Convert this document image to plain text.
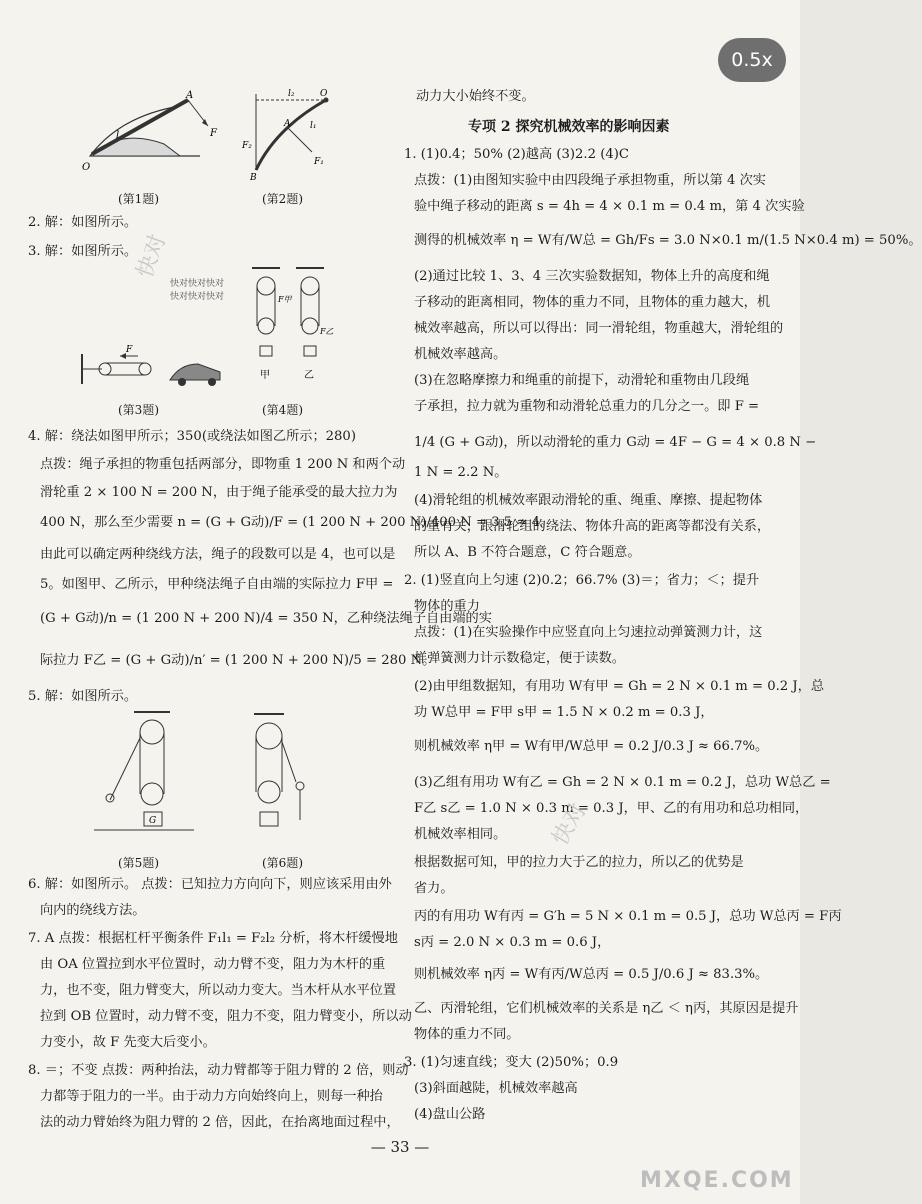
0.5x
A
F
O
l
(第1题)
l₂	O
A l₁
F₂
F₁
B
(第2题)
F
(第3题)
F甲
甲
F乙
乙
(第4题)
G
(第5题)	(第6题)
2. 解：如图所示。
3. 解：如图所示。
4. 解：绕法如图甲所示；350(或绕法如图乙所示；280)
点拨：绳子承担的物重包括两部分，即物重 1 200 N 和两个动
滑轮重 2 × 100 N = 200 N，由于绳子能承受的最大拉力为
400 N，那么至少需要 n = (G + G动)/F = (1 200 N + 200 N)/400 N = 3.5 ≈ 4。
由此可以确定两种绕线方法，绳子的段数可以是 4，也可以是
5。如图甲、乙所示，甲种绕法绳子自由端的实际拉力 F甲 =
(G + G动)/n = (1 200 N + 200 N)/4 = 350 N，乙种绕法绳子自由端的实
际拉力 F乙 = (G + G动)/n′ = (1 200 N + 200 N)/5 = 280 N。
5. 解：如图所示。
6. 解：如图所示。 点拨：已知拉力方向向下，则应该采用由外
向内的绕线方法。
7. A 点拨：根据杠杆平衡条件 F₁l₁ = F₂l₂ 分析，将木杆缓慢地
由 OA 位置拉到水平位置时，动力臂不变，阻力为木杆的重
力，也不变，阻力臂变大，所以动力变大。当木杆从水平位置
拉到 OB 位置时，动力臂不变，阻力不变，阻力臂变小，所以动
力变小，故 F 先变大后变小。
8. ＝；不变 点拨：两种抬法，动力臂都等于阻力臂的 2 倍，则动
力都等于阻力的一半。由于动力方向始终向上，则每一种抬
法的动力臂始终为阻力臂的 2 倍，因此，在抬离地面过程中，
动力大小始终不变。
专项 2 探究机械效率的影响因素
1. (1)0.4；50% (2)越高 (3)2.2 (4)C
点拨：(1)由图知实验中由四段绳子承担物重，所以第 4 次实
验中绳子移动的距离 s = 4h = 4 × 0.1 m = 0.4 m，第 4 次实验
测得的机械效率 η = W有/W总 = Gh/Fs = 3.0 N×0.1 m/(1.5 N×0.4 m) = 50%。
(2)通过比较 1、3、4 三次实验数据知，物体上升的高度和绳
子移动的距离相同，物体的重力不同，且物体的重力越大，机
械效率越高，所以可以得出：同一滑轮组，物重越大，滑轮组的
机械效率越高。
(3)在忽略摩擦力和绳重的前提下，动滑轮和重物由几段绳
子承担，拉力就为重物和动滑轮总重力的几分之一。即 F =
1/4 (G + G动)，所以动滑轮的重力 G动 = 4F − G = 4 × 0.8 N −
1 N = 2.2 N。
(4)滑轮组的机械效率跟动滑轮的重、绳重、摩擦、提起物体
的重有关，跟滑轮组的绕法、物体升高的距离等都没有关系，
所以 A、B 不符合题意，C 符合题意。
2. (1)竖直向上匀速 (2)0.2；66.7% (3)＝；省力；＜；提升
物体的重力
点拨：(1)在实验操作中应竖直向上匀速拉动弹簧测力计，这
样弹簧测力计示数稳定，便于读数。
(2)由甲组数据知，有用功 W有甲 = Gh = 2 N × 0.1 m = 0.2 J，总
功 W总甲 = F甲 s甲 = 1.5 N × 0.2 m = 0.3 J，
则机械效率 η甲 = W有甲/W总甲 = 0.2 J/0.3 J ≈ 66.7%。
(3)乙组有用功 W有乙 = Gh = 2 N × 0.1 m = 0.2 J，总功 W总乙 =
F乙 s乙 = 1.0 N × 0.3 m = 0.3 J，甲、乙的有用功和总功相同，
机械效率相同。
根据数据可知，甲的拉力大于乙的拉力，所以乙的优势是
省力。
丙的有用功 W有丙 = G′h = 5 N × 0.1 m = 0.5 J，总功 W总丙 = F丙
s丙 = 2.0 N × 0.3 m = 0.6 J，
则机械效率 η丙 = W有丙/W总丙 = 0.5 J/0.6 J ≈ 83.3%。
乙、丙滑轮组，它们机械效率的关系是 η乙 ＜ η丙，其原因是提升
物体的重力不同。
3. (1)匀速直线；变大 (2)50%；0.9
(3)斜面越陡，机械效率越高
(4)盘山公路
快对快对快对
快对快对快对
快对
快对
MXQE.COM
— 33 —
